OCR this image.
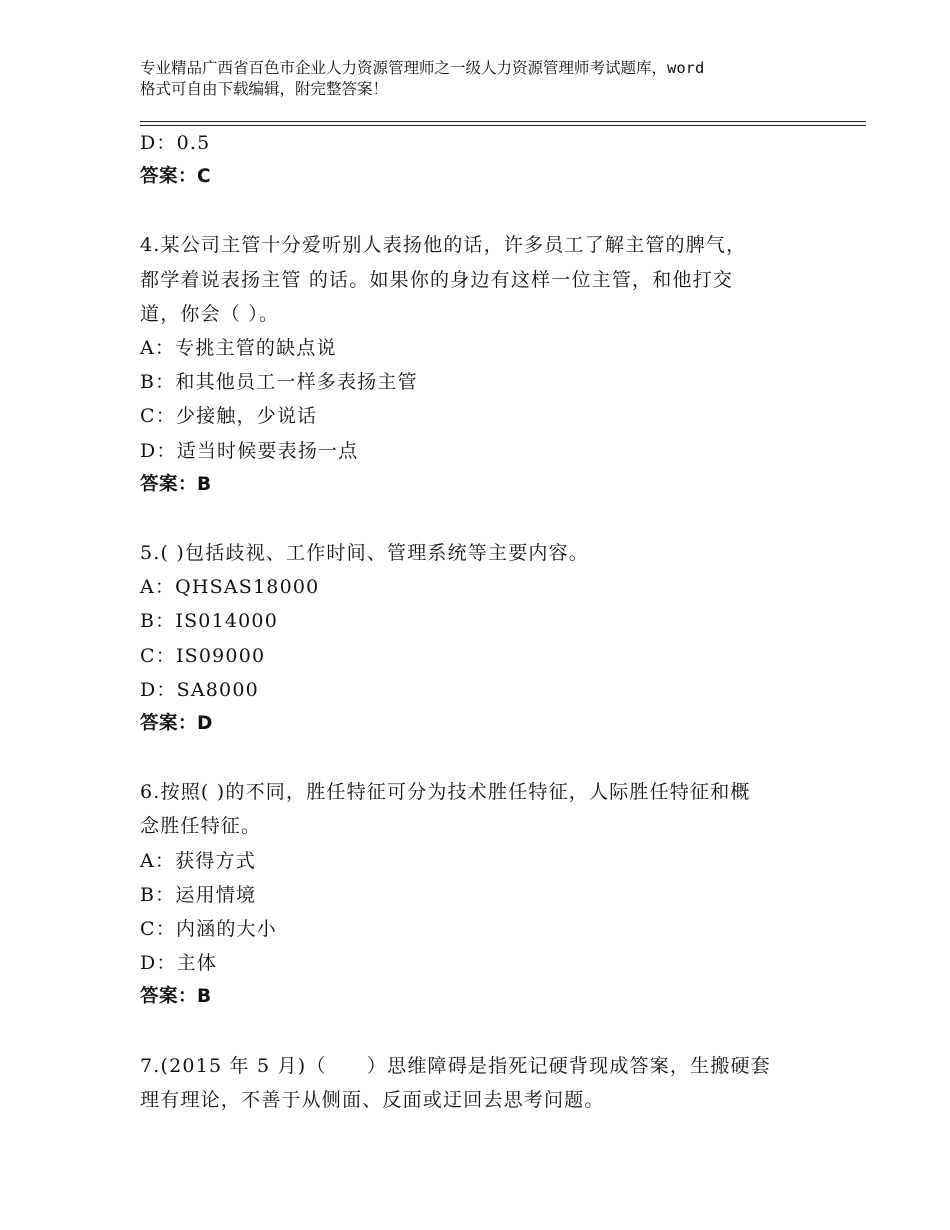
专业精品广西省百色市企业人力资源管理师之一级人力资源管理师考试题库，word
格式可自由下载编辑，附完整答案！
D：0.5
答案：C
4.某公司主管十分爱听别人表扬他的话，许多员工了解主管的脾气，
都学着说表扬主管 的话。如果你的身边有这样一位主管，和他打交
道，你会（ ）。
A：专挑主管的缺点说
B：和其他员工一样多表扬主管
C：少接触，少说话
D：适当时候要表扬一点
答案：B
5.( )包括歧视、工作时间、管理系统等主要内容。
A：QHSAS18000
B：IS014000
C：IS09000
D：SA8000
答案：D
6.按照( )的不同，胜任特征可分为技术胜任特征，人际胜任特征和概
念胜任特征。
A：获得方式
B：运用情境
C：内涵的大小
D：主体
答案：B
7.(2015 年 5 月)（　　）思维障碍是指死记硬背现成答案，生搬硬套
理有理论，不善于从侧面、反面或迂回去思考问题。
